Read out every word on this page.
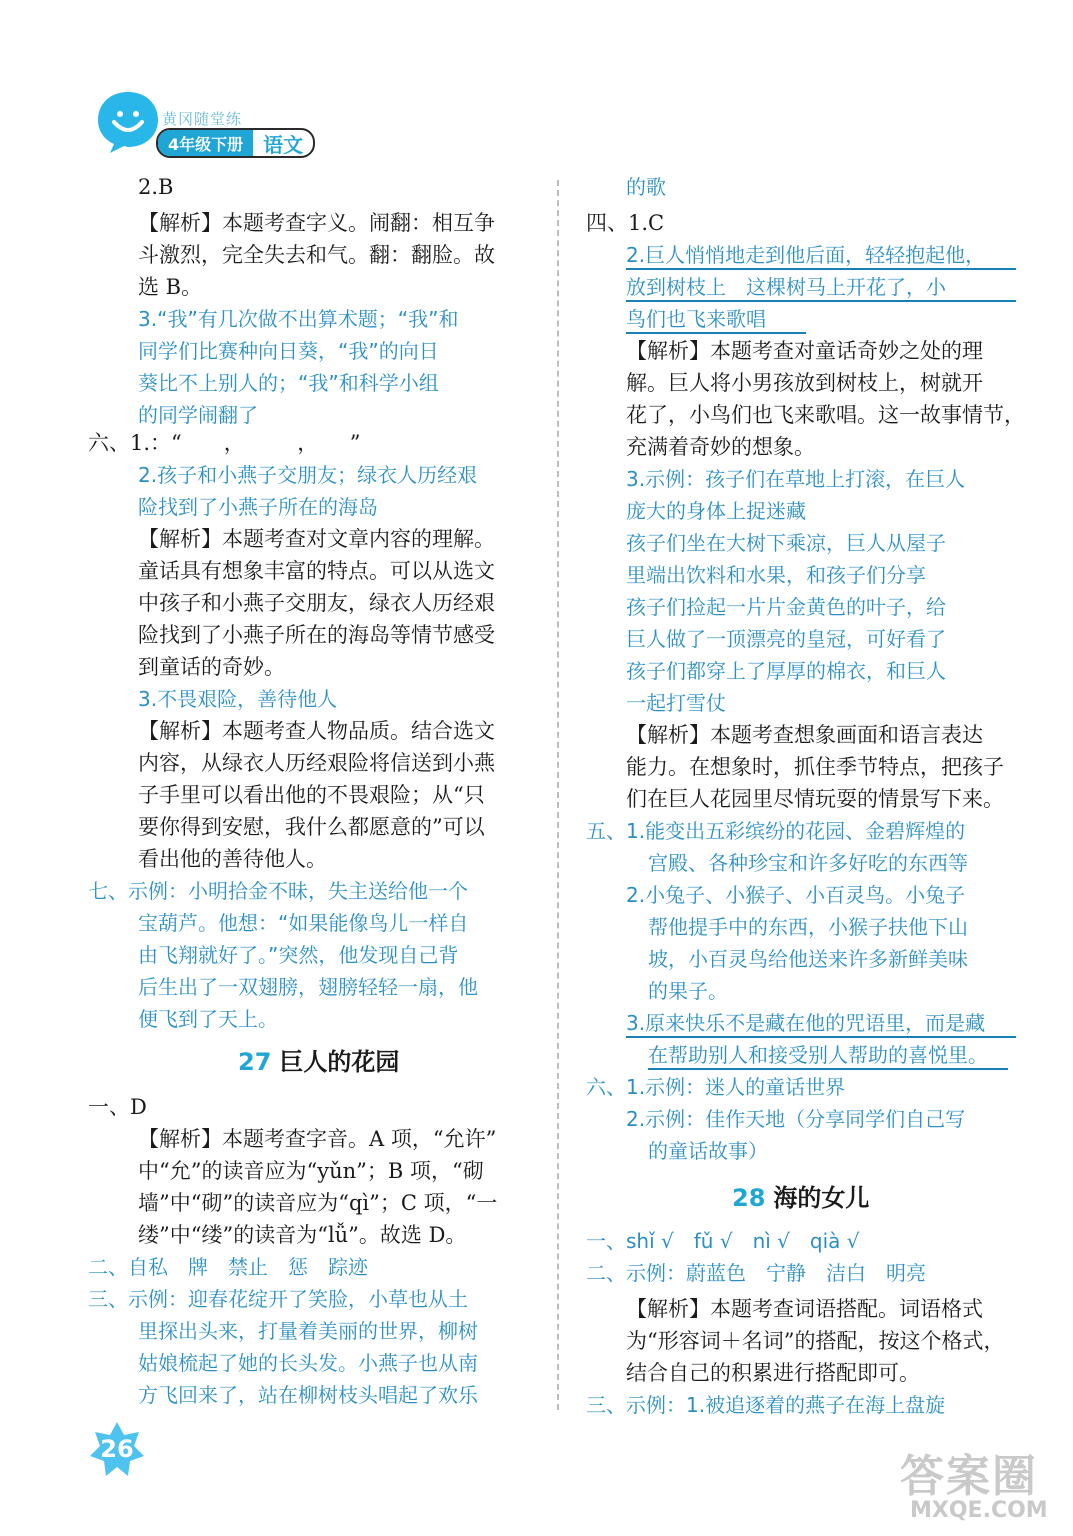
黄冈随堂练
4年级下册	语文
27 巨人的花园
2.B
【解析】本题考查字义。闹翻：相互争
斗激烈，完全失去和气。翻：翻脸。故
选 B。
3.“我”有几次做不出算术题；“我”和
同学们比赛种向日葵，“我”的向日
葵比不上别人的；“我”和科学小组
的同学闹翻了
六、1.：“　　，　　　，　　”
2.孩子和小燕子交朋友；绿衣人历经艰
险找到了小燕子所在的海岛
【解析】本题考查对文章内容的理解。
童话具有想象丰富的特点。可以从选文
中孩子和小燕子交朋友，绿衣人历经艰
险找到了小燕子所在的海岛等情节感受
到童话的奇妙。
3.不畏艰险，善待他人
【解析】本题考查人物品质。结合选文
内容，从绿衣人历经艰险将信送到小燕
子手里可以看出他的不畏艰险；从“只
要你得到安慰，我什么都愿意的”可以
看出他的善待他人。
七、示例：小明拾金不昧，失主送给他一个
宝葫芦。他想：“如果能像鸟儿一样自
由飞翔就好了。”突然，他发现自己背
后生出了一双翅膀，翅膀轻轻一扇，他
便飞到了天上。
一、D
【解析】本题考查字音。A 项，“允许”
中“允”的读音应为“yǔn”；B 项，“砌
墙”中“砌”的读音应为“qì”；C 项，“一
缕”中“缕”的读音为“lǚ”。故选 D。
二、自私　牌　禁止　惩　踪迹
三、示例：迎春花绽开了笑脸，小草也从土
里探出头来，打量着美丽的世界，柳树
姑娘梳起了她的长头发。小燕子也从南
方飞回来了，站在柳树枝头唱起了欢乐
28 海的女儿
的歌
四、1.C
2.巨人悄悄地走到他后面，轻轻抱起他，
放到树枝上　这棵树马上开花了，小
鸟们也飞来歌唱
【解析】本题考查对童话奇妙之处的理
解。巨人将小男孩放到树枝上，树就开
花了，小鸟们也飞来歌唱。这一故事情节，
充满着奇妙的想象。
3.示例：孩子们在草地上打滚，在巨人
庞大的身体上捉迷藏
孩子们坐在大树下乘凉，巨人从屋子
里端出饮料和水果，和孩子们分享
孩子们捡起一片片金黄色的叶子，给
巨人做了一顶漂亮的皇冠，可好看了
孩子们都穿上了厚厚的棉衣，和巨人
一起打雪仗
【解析】本题考查想象画面和语言表达
能力。在想象时，抓住季节特点，把孩子
们在巨人花园里尽情玩耍的情景写下来。
五、1.能变出五彩缤纷的花园、金碧辉煌的
宫殿、各种珍宝和许多好吃的东西等
2.小兔子、小猴子、小百灵鸟。小兔子
帮他提手中的东西，小猴子扶他下山
坡，小百灵鸟给他送来许多新鲜美味
的果子。
3.原来快乐不是藏在他的咒语里，而是藏
在帮助别人和接受别人帮助的喜悦里。
六、1.示例：迷人的童话世界
2.示例：佳作天地（分享同学们自己写
的童话故事）
一、shǐ √　fǔ √　nì √　qià √
二、示例：蔚蓝色　宁静　洁白　明亮
【解析】本题考查词语搭配。词语格式
为“形容词＋名词”的搭配，按这个格式，
结合自己的积累进行搭配即可。
三、示例：1.被追逐着的燕子在海上盘旋
26
答案圈
MXQE.COM
